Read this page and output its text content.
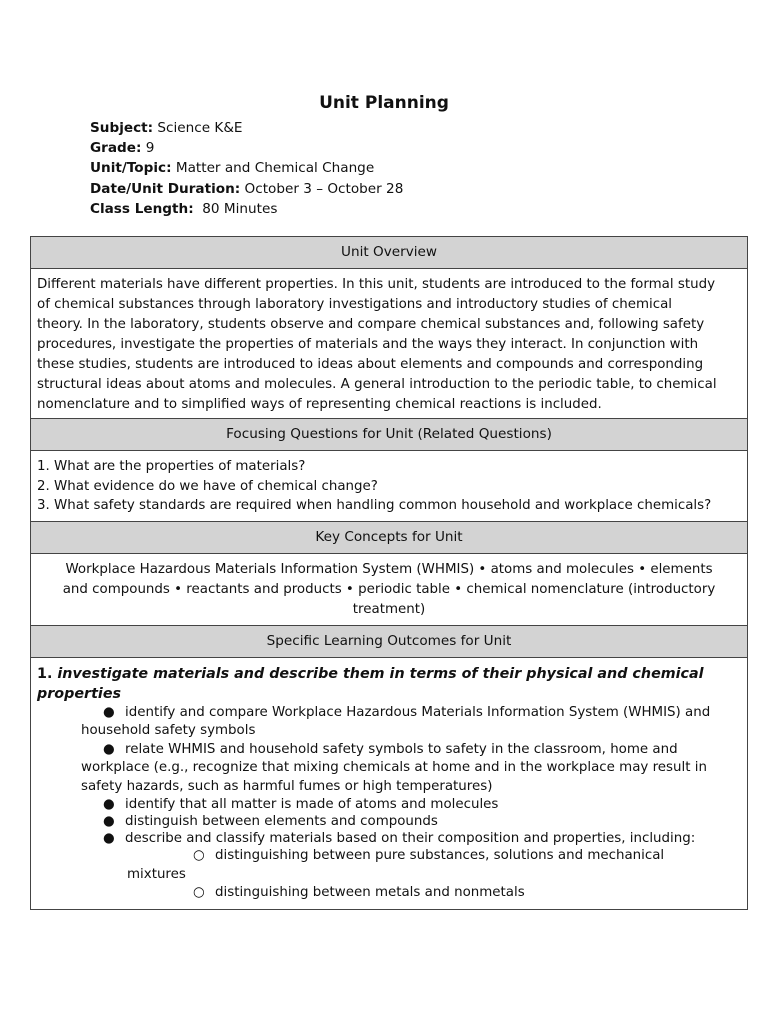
Unit Planning
Subject: Science K&E
Grade: 9
Unit/Topic: Matter and Chemical Change
Date/Unit Duration: October 3 – October 28
Class Length:  80 Minutes
Unit Overview
Different materials have different properties. In this unit, students are introduced to the formal study
of chemical substances through laboratory investigations and introductory studies of chemical
theory. In the laboratory, students observe and compare chemical substances and, following safety
procedures, investigate the properties of materials and the ways they interact. In conjunction with
these studies, students are introduced to ideas about elements and compounds and corresponding
structural ideas about atoms and molecules. A general introduction to the periodic table, to chemical
nomenclature and to simplified ways of representing chemical reactions is included.
Focusing Questions for Unit (Related Questions)
1. What are the properties of materials?
2. What evidence do we have of chemical change?
3. What safety standards are required when handling common household and workplace chemicals?
Key Concepts for Unit
Workplace Hazardous Materials Information System (WHMIS) • atoms and molecules • elements
and compounds • reactants and products • periodic table • chemical nomenclature (introductory
treatment)
Specific Learning Outcomes for Unit
1. investigate materials and describe them in terms of their physical and chemical
properties
● identify and compare Workplace Hazardous Materials Information System (WHMIS) and
household safety symbols
● relate WHMIS and household safety symbols to safety in the classroom, home and
workplace (e.g., recognize that mixing chemicals at home and in the workplace may result in
safety hazards, such as harmful fumes or high temperatures)
● identify that all matter is made of atoms and molecules
● distinguish between elements and compounds
● describe and classify materials based on their composition and properties, including:
○ distinguishing between pure substances, solutions and mechanical
mixtures
○ distinguishing between metals and nonmetals
